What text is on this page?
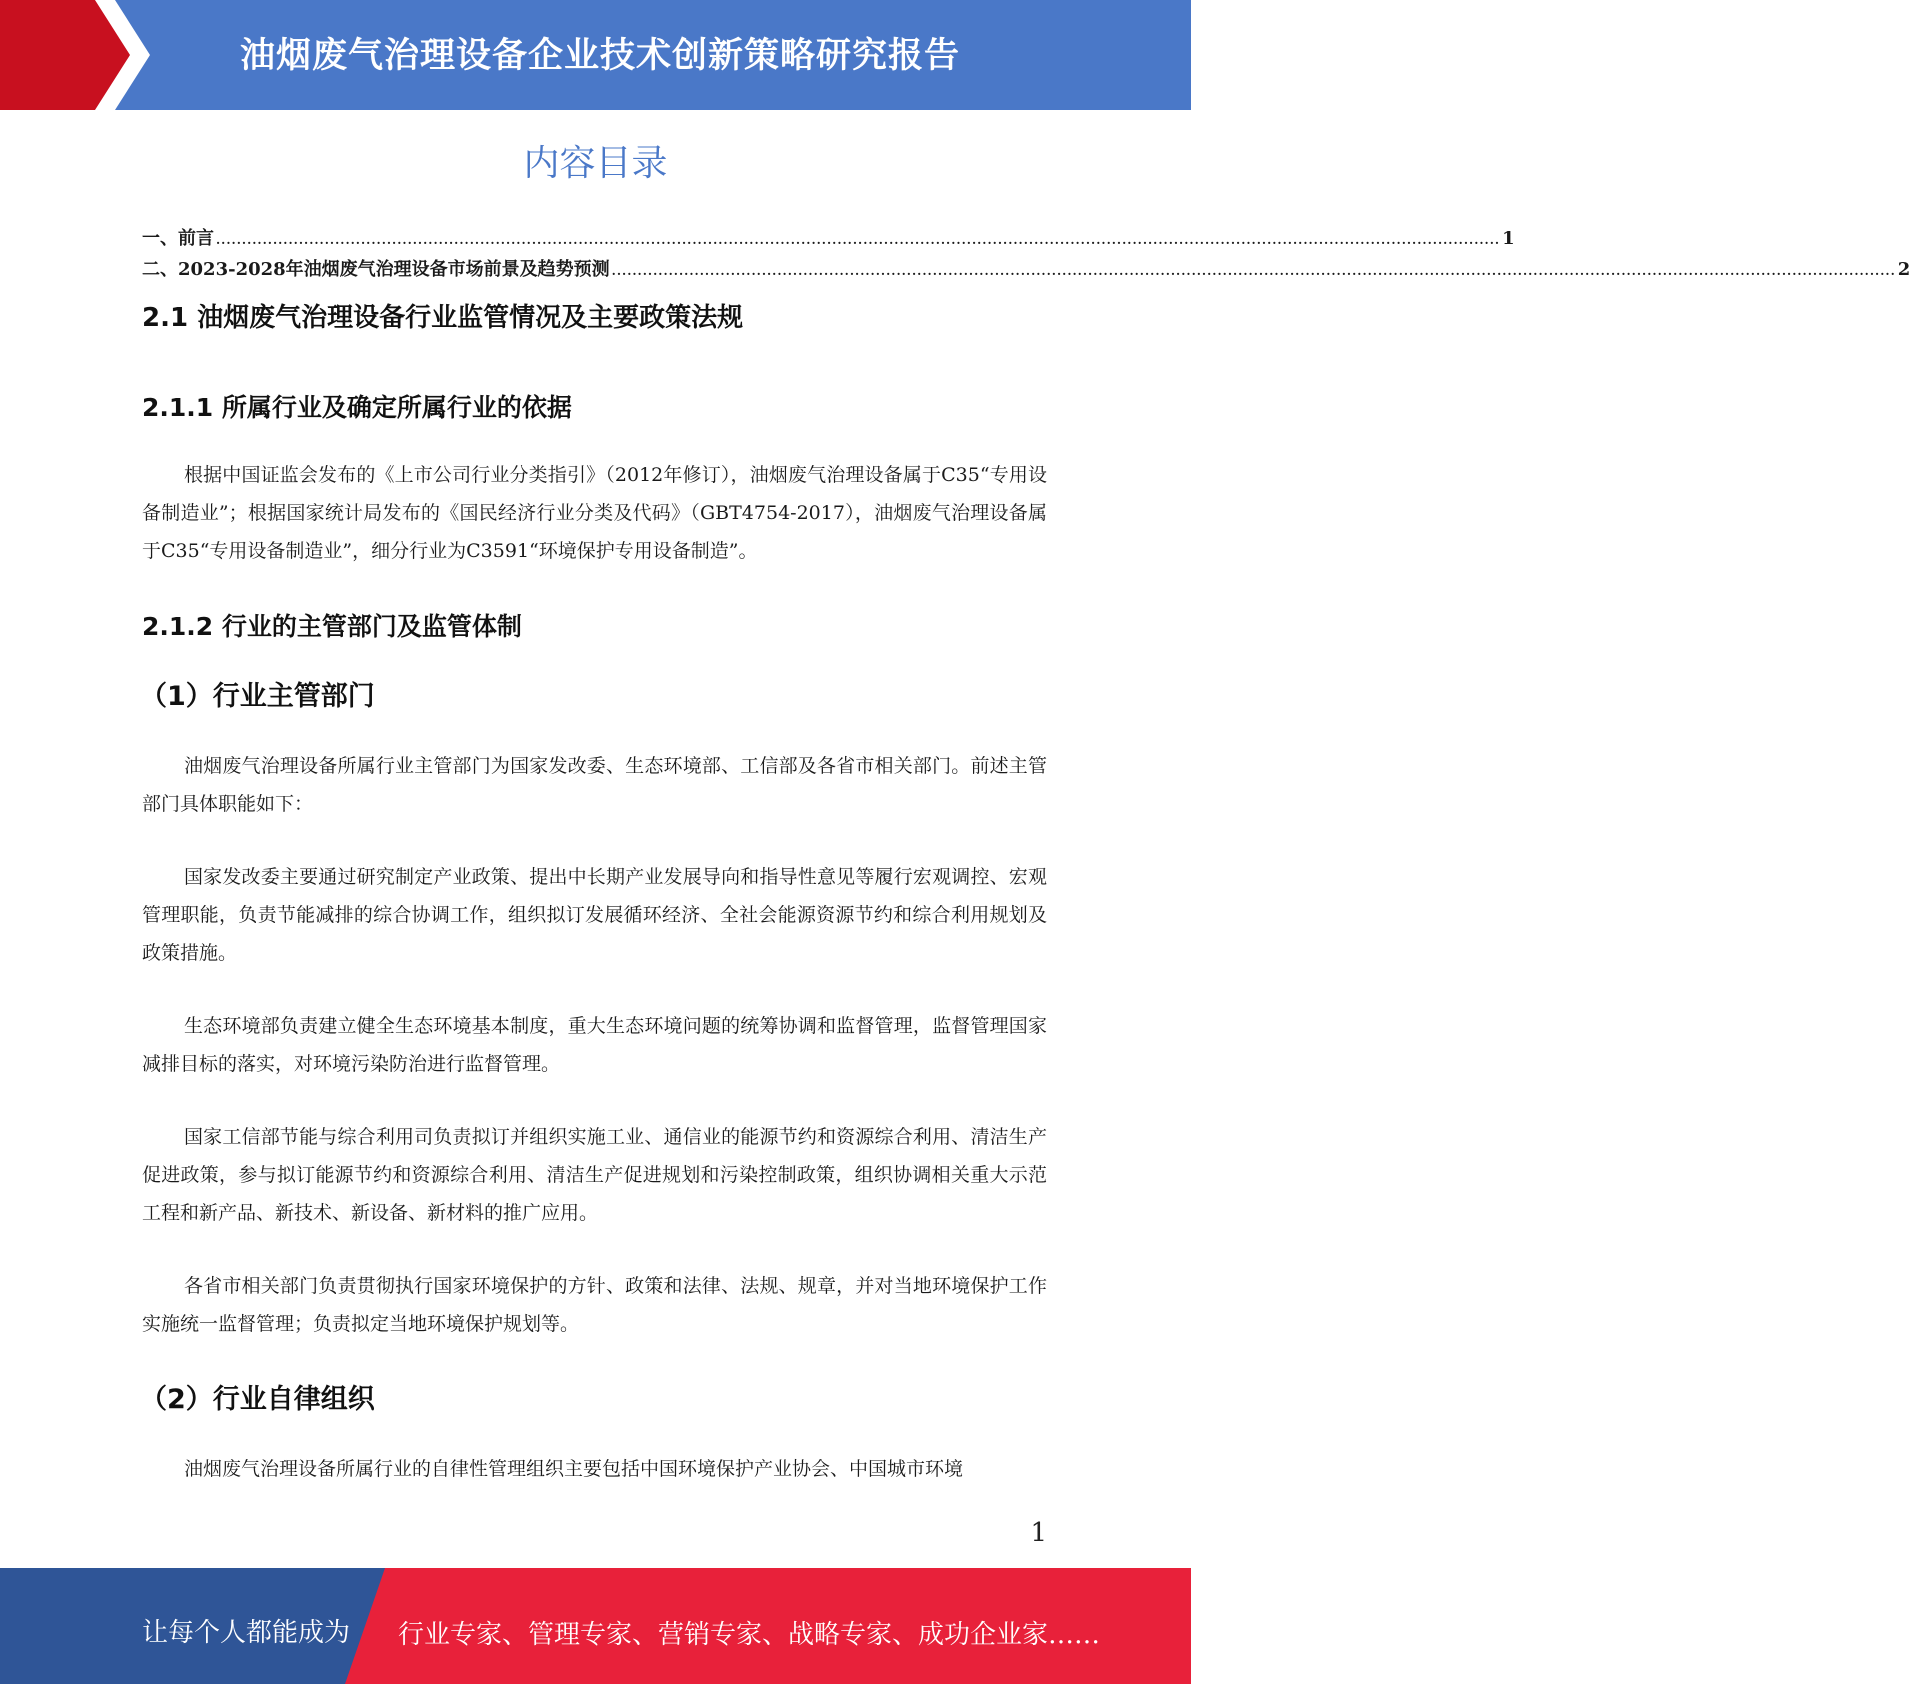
油烟废气治理设备企业技术创新策略研究报告
内容目录
一、前言 ........................................................................................................................................................................................................................................................ 1
二、2023-2028年油烟废气治理设备市场前景及趋势预测 ........................................................................................................................................................................................................................................................ 2
2.1 油烟废气治理设备行业监管情况及主要政策法规
2.1.1 所属行业及确定所属行业的依据

根据中国证监会发布的《上市公司行业分类指引》（2012年修订），油烟废气治理设备属于C35“专用设备制造业”；根据国家统计局发布的《国民经济行业分类及代码》（GBT4754-2017），油烟废气治理设备属于C35“专用设备制造业”，细分行业为C3591“环境保护专用设备制造”。

2.1.2 行业的主管部门及监管体制
（1）行业主管部门

油烟废气治理设备所属行业主管部门为国家发改委、生态环境部、工信部及各省市相关部门。前述主管部门具体职能如下：

国家发改委主要通过研究制定产业政策、提出中长期产业发展导向和指导性意见等履行宏观调控、宏观管理职能，负责节能减排的综合协调工作，组织拟订发展循环经济、全社会能源资源节约和综合利用规划及政策措施。

生态环境部负责建立健全生态环境基本制度，重大生态环境问题的统筹协调和监督管理，监督管理国家减排目标的落实，对环境污染防治进行监督管理。

国家工信部节能与综合利用司负责拟订并组织实施工业、通信业的能源节约和资源综合利用、清洁生产促进政策，参与拟订能源节约和资源综合利用、清洁生产促进规划和污染控制政策，组织协调相关重大示范工程和新产品、新技术、新设备、新材料的推广应用。

各省市相关部门负责贯彻执行国家环境保护的方针、政策和法律、法规、规章，并对当地环境保护工作实施统一监督管理；负责拟定当地环境保护规划等。

（2）行业自律组织

油烟废气治理设备所属行业的自律性管理组织主要包括中国环境保护产业协会、中国城市环境

1
让每个人都能成为 行业专家、管理专家、营销专家、战略专家、成功企业家……
